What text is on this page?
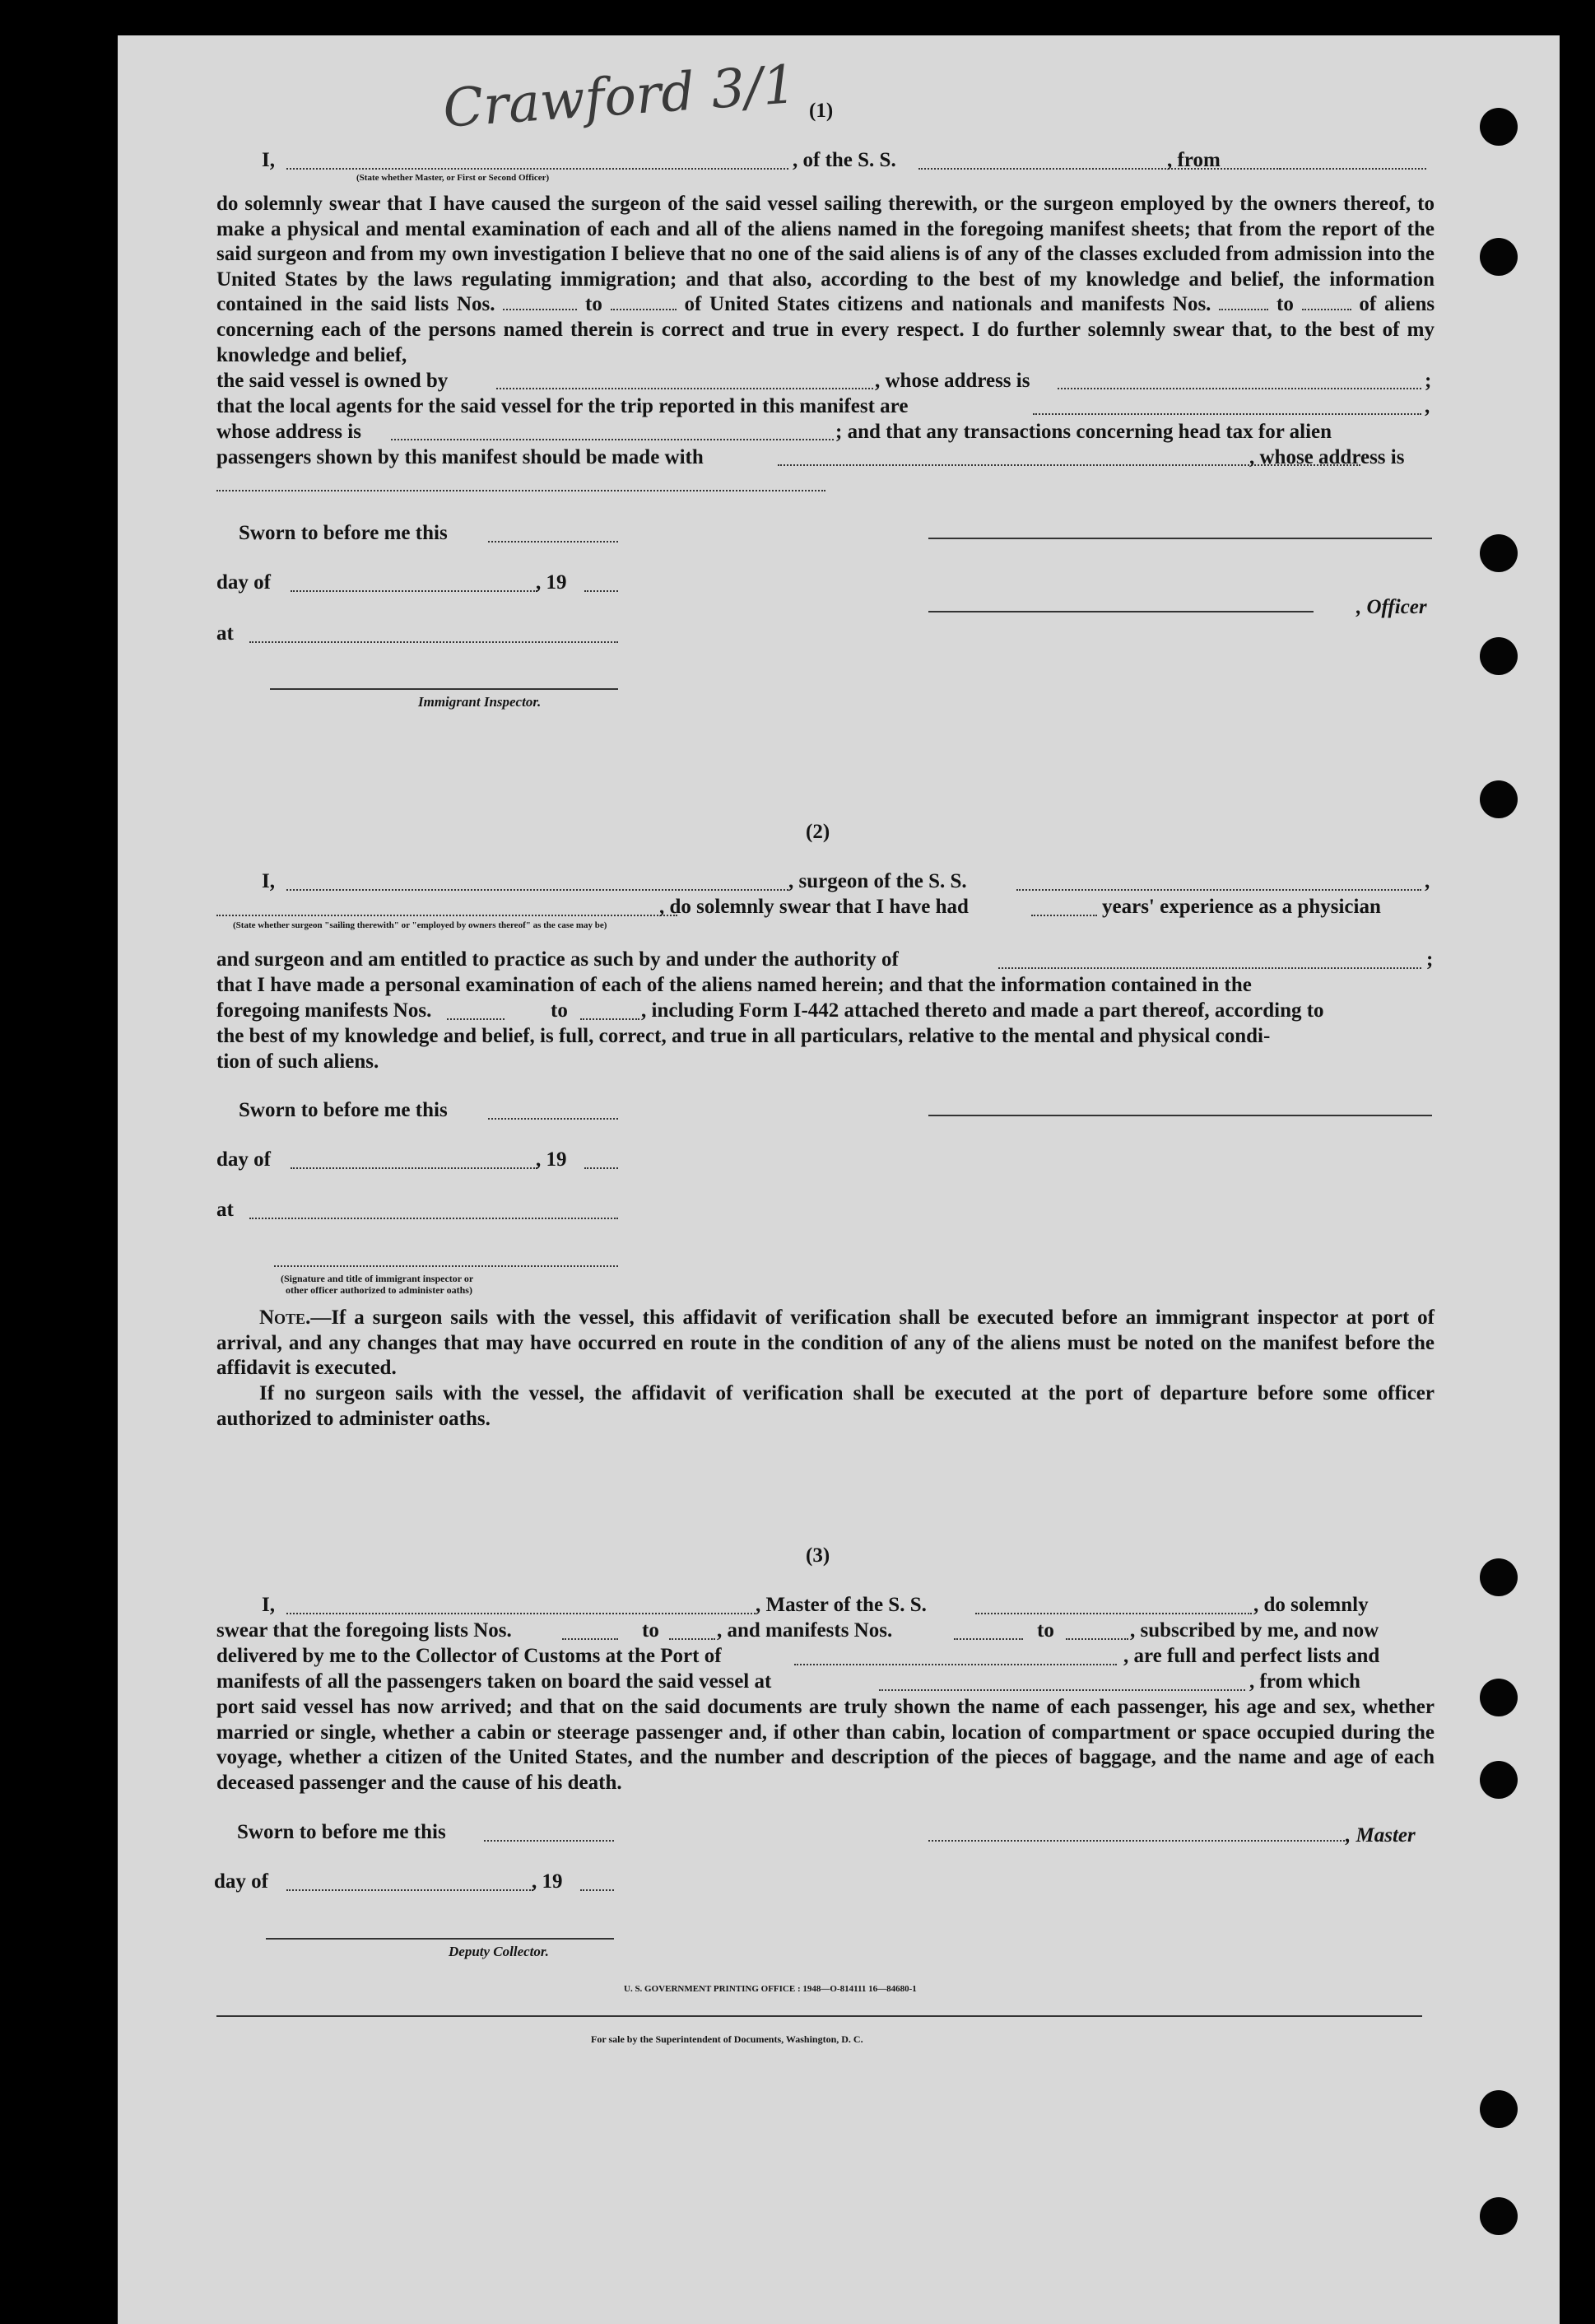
Crawford 3/1 (1)
I,	, of the S. S.	, from
(State whether Master, or First or Second Officer)
do solemnly swear that I have caused the surgeon of the said vessel sailing therewith, or the surgeon employed by the owners thereof, to make a physical and mental examination of each and all of the aliens named in the foregoing manifest sheets; that from the report of the said surgeon and from my own investigation I believe that no one of the said aliens is of any of the classes excluded from admission into the United States by the laws regulating immigration; and that also, according to the best of my knowledge and belief, the information contained in the said lists Nos.	to	of United States citizens and nationals and manifests Nos.	to	of aliens concerning each of the persons named therein is correct and true in every respect. I do further solemnly swear that, to the best of my knowledge and belief,
the said vessel is owned by	, whose address is	;
that the local agents for the said vessel for the trip reported in this manifest are	,
whose address is	; and that any transactions concerning head tax for alien
passengers shown by this manifest should be made with	, whose address is
Sworn to before me this
day of	, 19
, Officer
at
Immigrant Inspector.
(2)
I,	, surgeon of the S. S.	,
, do solemnly swear that I have had	years' experience as a physician
(State whether surgeon "sailing therewith" or "employed by owners thereof" as the case may be)
and surgeon and am entitled to practice as such by and under the authority of	;
that I have made a personal examination of each of the aliens named herein; and that the information contained in the
foregoing manifests Nos.	to	, including Form I-442 attached thereto and made a part thereof, according to
the best of my knowledge and belief, is full, correct, and true in all particulars, relative to the mental and physical condi-
tion of such aliens.
Sworn to before me this
day of	, 19
at
(Signature and title of immigrant inspector or
other officer authorized to administer oaths)
Note.—If a surgeon sails with the vessel, this affidavit of verification shall be executed before an immigrant inspector at port of arrival, and any changes that may have occurred en route in the condition of any of the aliens must be noted on the manifest before the affidavit is executed.
If no surgeon sails with the vessel, the affidavit of verification shall be executed at the port of departure before some officer authorized to administer oaths.
(3)
I,	, Master of the S. S.	, do solemnly
swear that the foregoing lists Nos.	to	, and manifests Nos.	to	, subscribed by me, and now
delivered by me to the Collector of Customs at the Port of	, are full and perfect lists and
manifests of all the passengers taken on board the said vessel at	, from which
port said vessel has now arrived; and that on the said documents are truly shown the name of each passenger, his age and sex, whether married or single, whether a cabin or steerage passenger and, if other than cabin, location of compartment or space occupied during the voyage, whether a citizen of the United States, and the number and description of the pieces of baggage, and the name and age of each deceased passenger and the cause of his death.
Sworn to before me this	, Master
day of	, 19
Deputy Collector.
U. S. GOVERNMENT PRINTING OFFICE : 1948—O-814111 16—84680-1
For sale by the Superintendent of Documents, Washington, D. C.
